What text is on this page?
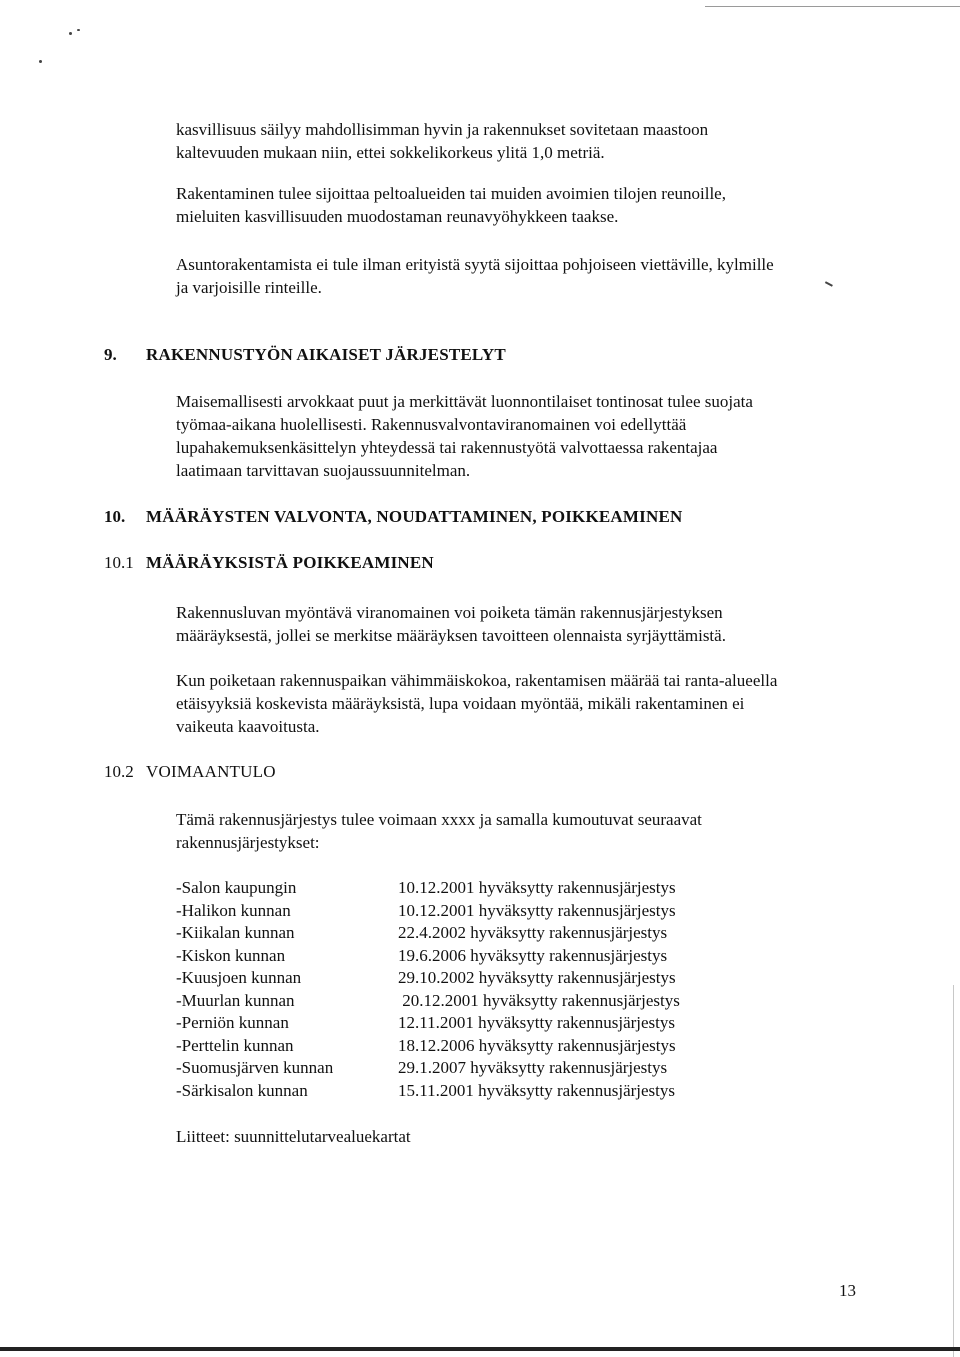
kasvillisuus säilyy mahdollisimman hyvin ja rakennukset sovitetaan maastoon
kaltevuuden mukaan niin, ettei sokkelikorkeus ylitä 1,0 metriä.

Rakentaminen tulee sijoittaa peltoalueiden tai muiden avoimien tilojen reunoille,
mieluiten kasvillisuuden muodostaman reunavyöhykkeen taakse.

Asuntorakentamista ei tule ilman erityistä syytä sijoittaa pohjoiseen viettäville, kylmille
ja varjoisille rinteille.

9. RAKENNUSTYÖN AIKAISET JÄRJESTELYT

Maisemallisesti arvokkaat puut ja merkittävät luonnontilaiset tontinosat tulee suojata
työmaa-aikana huolellisesti. Rakennusvalvontaviranomainen voi edellyttää
lupahakemuksenkäsittelyn yhteydessä tai rakennustyötä valvottaessa rakentajaa
laatimaan tarvittavan suojaussuunnitelman.

10. MÄÄRÄYSTEN VALVONTA, NOUDATTAMINEN, POIKKEAMINEN

10.1 MÄÄRÄYKSISTÄ POIKKEAMINEN

Rakennusluvan myöntävä viranomainen voi poiketa tämän rakennusjärjestyksen
määräyksestä, jollei se merkitse määräyksen tavoitteen olennaista syrjäyttämistä.

Kun poiketaan rakennuspaikan vähimmäiskokoa, rakentamisen määrää tai ranta-alueella
etäisyyksiä koskevista määräyksistä, lupa voidaan myöntää, mikäli rakentaminen ei
vaikeuta kaavoitusta.

10.2 VOIMAANTULO

Tämä rakennusjärjestys tulee voimaan xxxx ja samalla kumoutuvat seuraavat
rakennusjärjestykset:

-Salon kaupungin	10.12.2001 hyväksytty rakennusjärjestys
-Halikon kunnan	10.12.2001 hyväksytty rakennusjärjestys
-Kiikalan kunnan	22.4.2002 hyväksytty rakennusjärjestys
-Kiskon kunnan	19.6.2006 hyväksytty rakennusjärjestys
-Kuusjoen kunnan	29.10.2002 hyväksytty rakennusjärjestys
-Muurlan kunnan	20.12.2001 hyväksytty rakennusjärjestys
-Perniön kunnan	12.11.2001 hyväksytty rakennusjärjestys
-Perttelin kunnan	18.12.2006 hyväksytty rakennusjärjestys
-Suomusjärven kunnan	29.1.2007 hyväksytty rakennusjärjestys
-Särkisalon kunnan	15.11.2001 hyväksytty rakennusjärjestys

Liitteet: suunnittelutarvealuekartat

13
